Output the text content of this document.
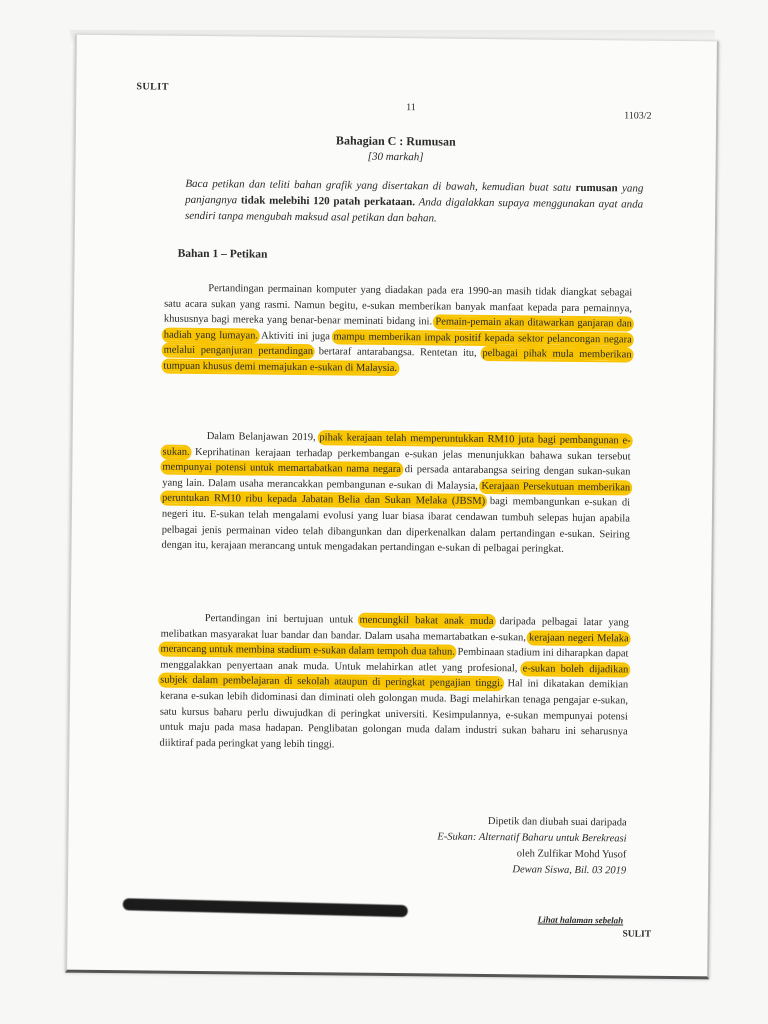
SULIT
11
1103/2
Bahagian C : Rumusan
[30 markah]
Baca petikan dan teliti bahan grafik yang disertakan di bawah, kemudian buat satu rumusan yang panjangnya tidak melebihi 120 patah perkataan. Anda digalakkan supaya menggunakan ayat anda sendiri tanpa mengubah maksud asal petikan dan bahan.
Bahan 1 – Petikan
Pertandingan permainan komputer yang diadakan pada era 1990-an masih tidak diangkat sebagai satu acara sukan yang rasmi. Namun begitu, e-sukan memberikan banyak manfaat kepada para pemainnya, khususnya bagi mereka yang benar-benar meminati bidang ini. Pemain-pemain akan ditawarkan ganjaran dan hadiah yang lumayan. Aktiviti ini juga mampu memberikan impak positif kepada sektor pelancongan negara melalui penganjuran pertandingan bertaraf antarabangsa. Rentetan itu, pelbagai pihak mula memberikan tumpuan khusus demi memajukan e-sukan di Malaysia.
Dalam Belanjawan 2019, pihak kerajaan telah memperuntukkan RM10 juta bagi pembangunan e-sukan. Keprihatinan kerajaan terhadap perkembangan e-sukan jelas menunjukkan bahawa sukan tersebut mempunyai potensi untuk memartabatkan nama negara di persada antarabangsa seiring dengan sukan-sukan yang lain. Dalam usaha merancakkan pembangunan e-sukan di Malaysia, Kerajaan Persekutuan memberikan peruntukan RM10 ribu kepada Jabatan Belia dan Sukan Melaka (JBSM) bagi membangunkan e-sukan di negeri itu. E-sukan telah mengalami evolusi yang luar biasa ibarat cendawan tumbuh selepas hujan apabila pelbagai jenis permainan video telah dibangunkan dan diperkenalkan dalam pertandingan e-sukan. Seiring dengan itu, kerajaan merancang untuk mengadakan pertandingan e-sukan di pelbagai peringkat.
Pertandingan ini bertujuan untuk mencungkil bakat anak muda daripada pelbagai latar yang melibatkan masyarakat luar bandar dan bandar. Dalam usaha memartabatkan e-sukan, kerajaan negeri Melaka merancang untuk membina stadium e-sukan dalam tempoh dua tahun. Pembinaan stadium ini diharapkan dapat menggalakkan penyertaan anak muda. Untuk melahirkan atlet yang profesional, e-sukan boleh dijadikan subjek dalam pembelajaran di sekolah ataupun di peringkat pengajian tinggi. Hal ini dikatakan demikian kerana e-sukan lebih didominasi dan diminati oleh golongan muda. Bagi melahirkan tenaga pengajar e-sukan, satu kursus baharu perlu diwujudkan di peringkat universiti. Kesimpulannya, e-sukan mempunyai potensi untuk maju pada masa hadapan. Penglibatan golongan muda dalam industri sukan baharu ini seharusnya diiktiraf pada peringkat yang lebih tinggi.
Dipetik dan diubah suai daripada
E-Sukan: Alternatif Baharu untuk Berekreasi
oleh Zulfikar Mohd Yusof
Dewan Siswa, Bil. 03 2019
Lihat halaman sebelah
SULIT
